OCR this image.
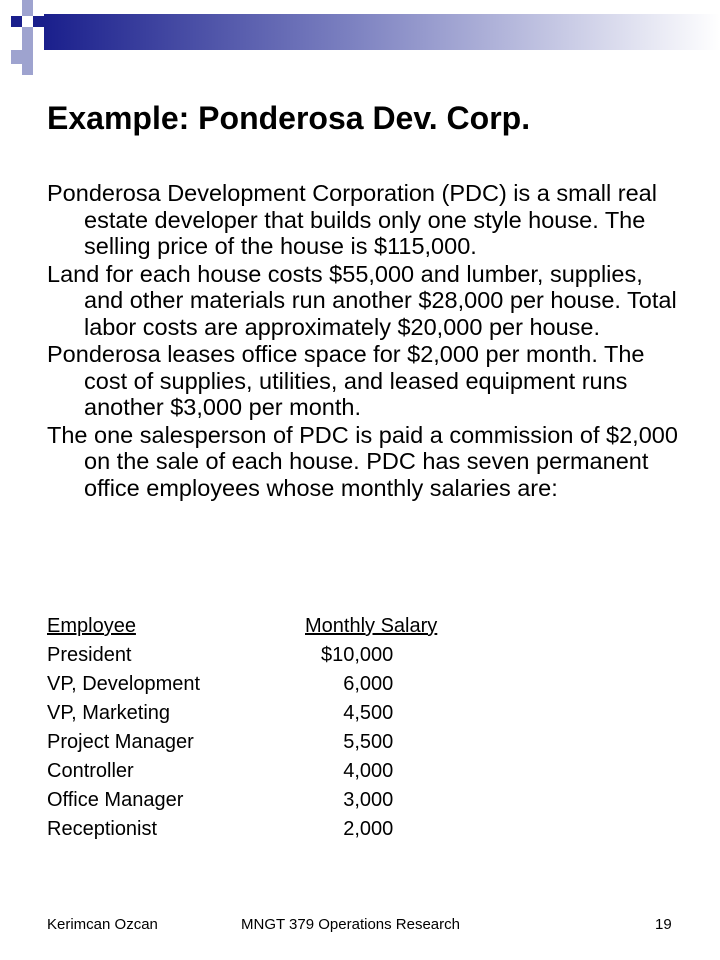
Example: Ponderosa Dev. Corp.

Ponderosa Development Corporation (PDC) is a small real estate developer that builds only one style house. The selling price of the house is $115,000.

Land for each house costs $55,000 and lumber, supplies, and other materials run another $28,000 per house. Total labor costs are approximately $20,000 per house.

Ponderosa leases office space for $2,000 per month. The cost of supplies, utilities, and leased equipment runs another $3,000 per month.

The one salesperson of PDC is paid a commission of $2,000 on the sale of each house. PDC has seven permanent office employees whose monthly salaries are:

Employee	Monthly Salary
President	$10,000
VP, Development	6,000
VP, Marketing	4,500
Project Manager	5,500
Controller	4,000
Office Manager	3,000
Receptionist	2,000
Kerimcan Ozcan	MNGT 379 Operations Research	19
